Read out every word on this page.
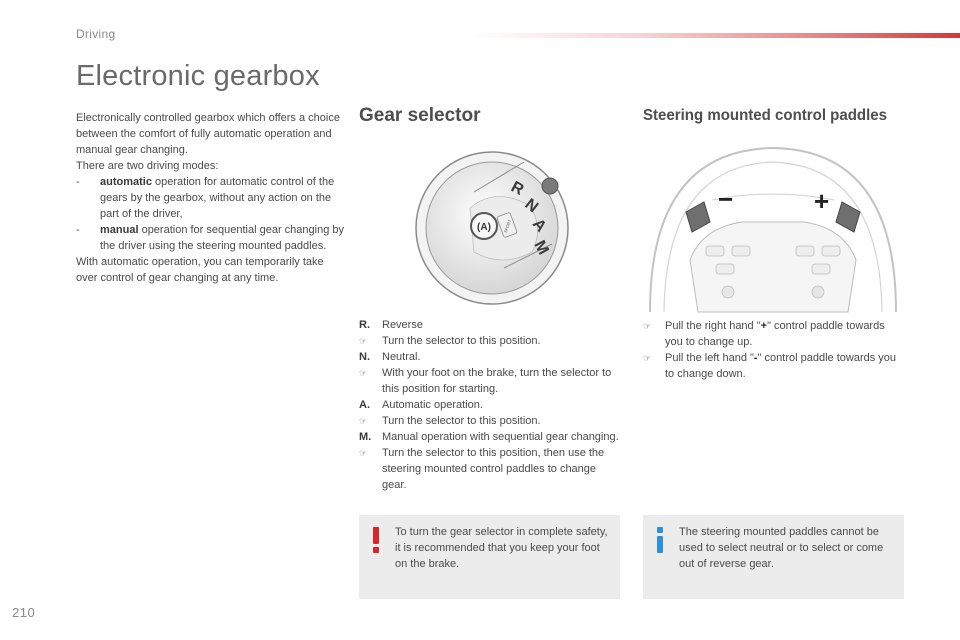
Driving
Electronic gearbox

Electronically controlled gearbox which offers a choice between the comfort of fully automatic operation and manual gear changing.

There are two driving modes:

-	automatic operation for automatic control of the gears by the gearbox, without any action on the part of the driver,
-	manual operation for sequential gear changing by the driver using the steering mounted paddles.

With automatic operation, you can temporarily take over control of gear changing at any time.

Gear selector
R
N
A
M
(A)	SPORT
R.	Reverse
☞	Turn the selector to this position.
N.	Neutral.
☞	With your foot on the brake, turn the selector to this position for starting.
A.	Automatic operation.
☞	Turn the selector to this position.
M. Manual operation with sequential gear changing.
☞	Turn the selector to this position, then use the steering mounted control paddles to change gear.
To turn the gear selector in complete safety, it is recommended that you keep your foot on the brake.
Steering mounted control paddles
−	+
☞	Pull the right hand "+" control paddle towards you to change up.
☞	Pull the left hand "-" control paddle towards you to change down.
The steering mounted paddles cannot be used to select neutral or to select or come out of reverse gear.
210
